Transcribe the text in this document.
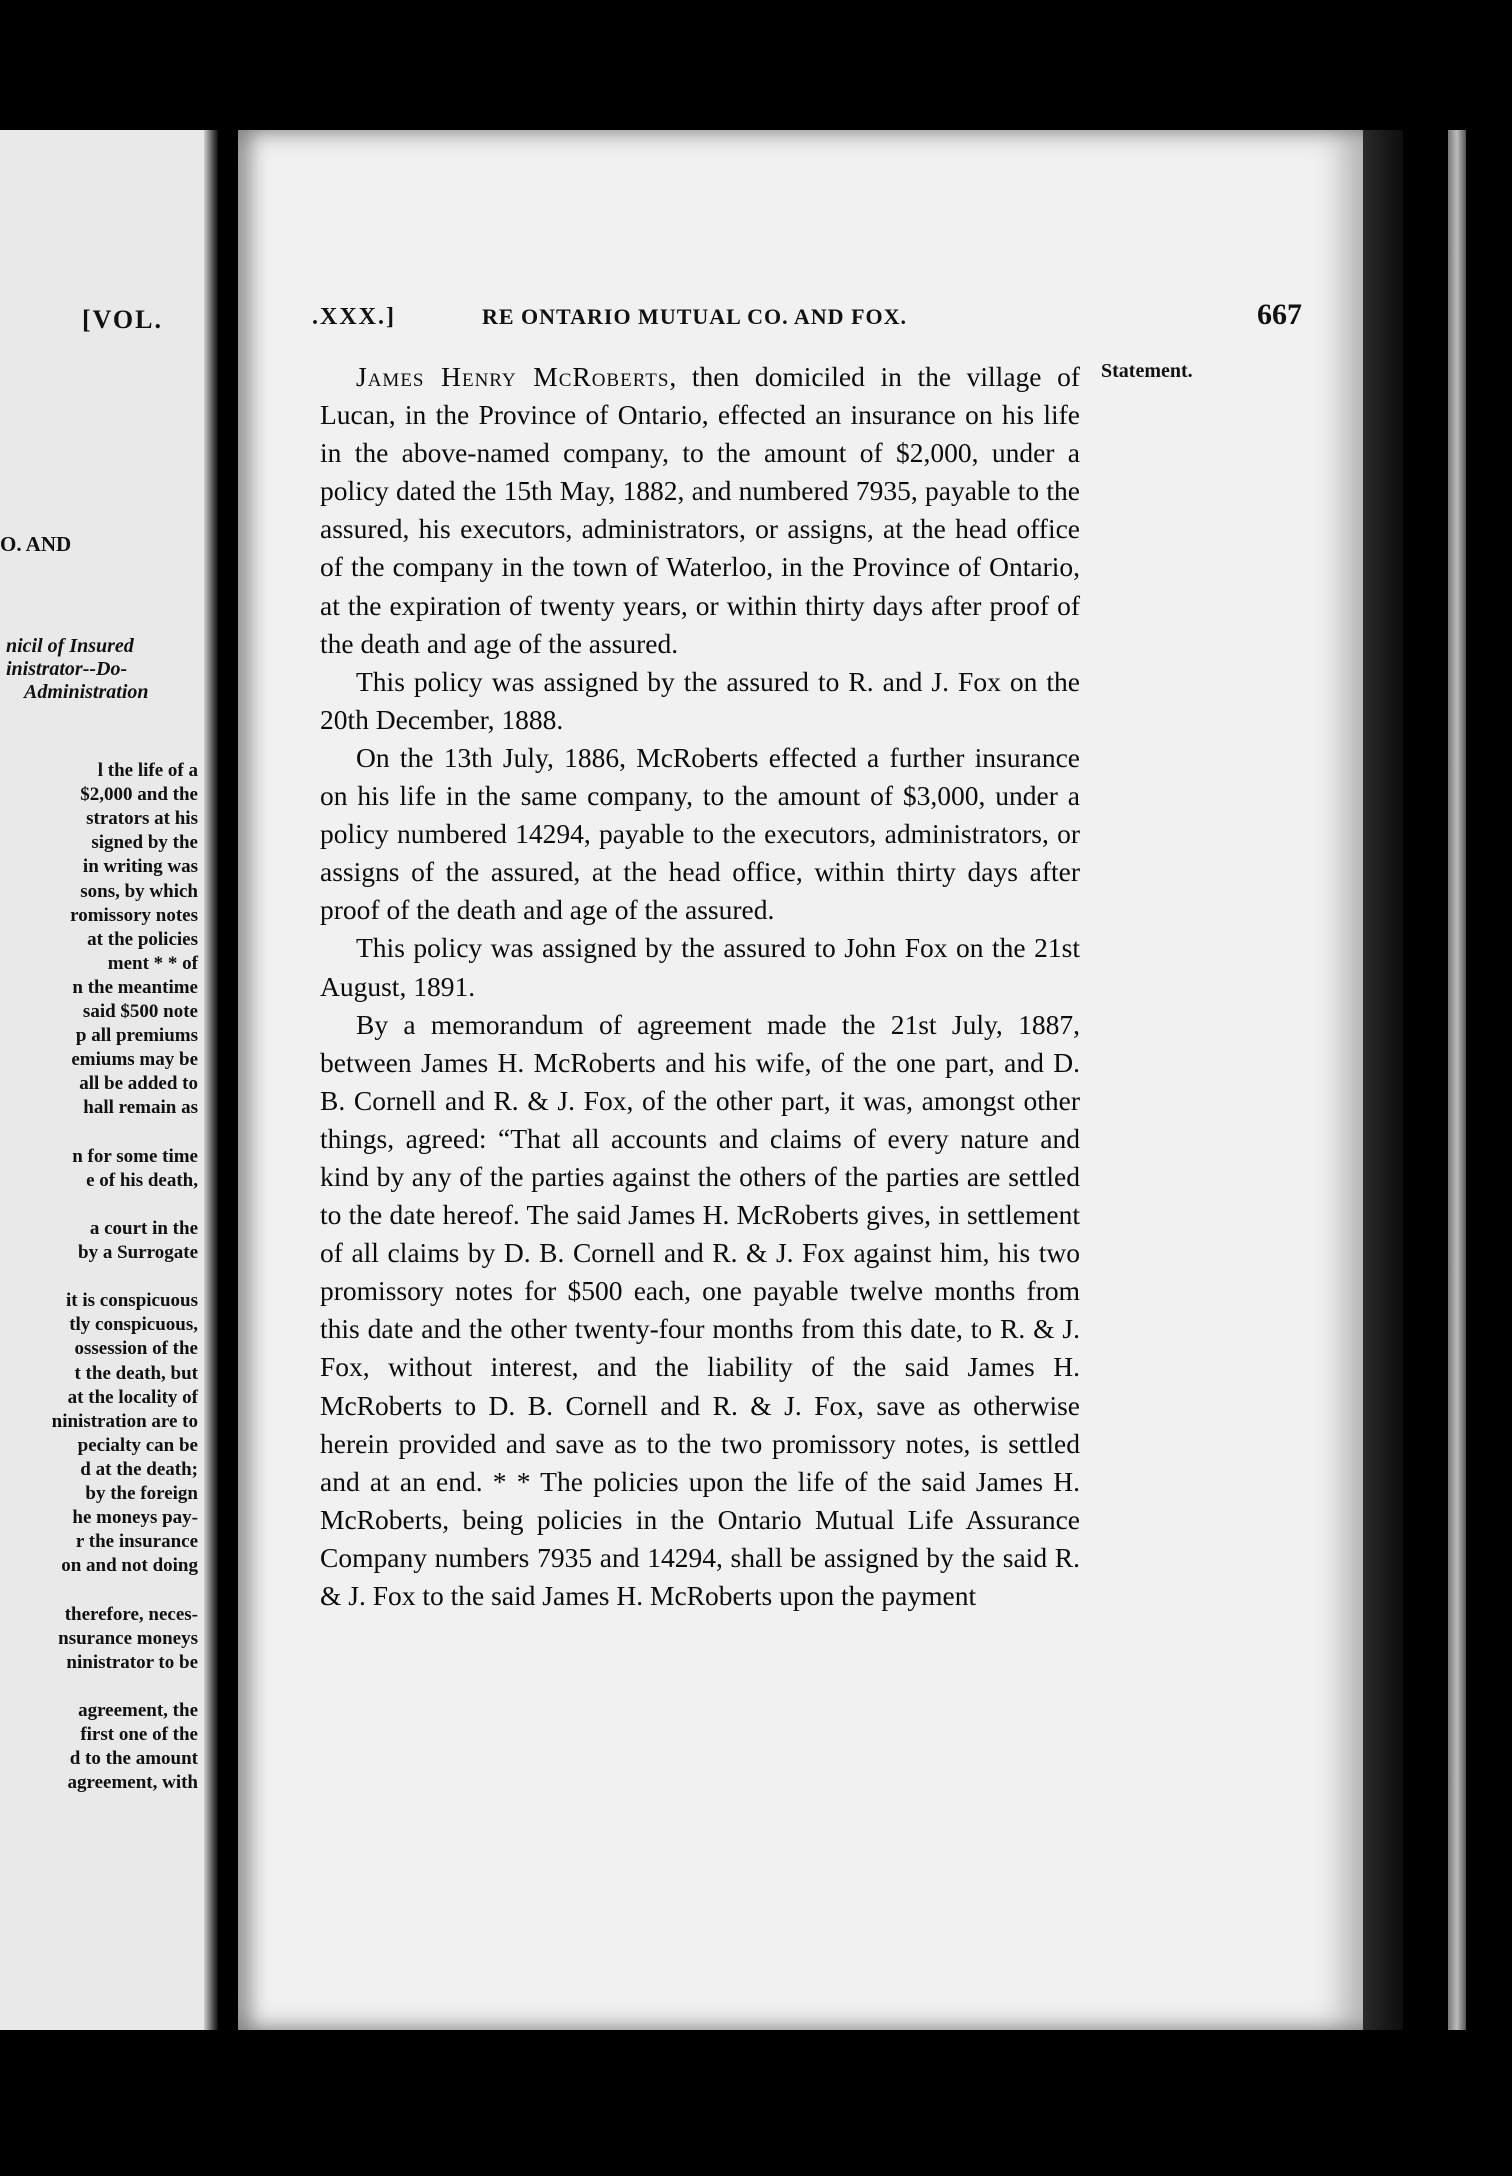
[VOL.
O. AND
nicil of Insured
inistrator--Do-
Administration
l the life of a
$2,000 and the
strators at his
signed by the
in writing was
sons, by which
romissory notes
at the policies
ment * * of
n the meantime
said $500 note
p all premiums
emiums may be
all be added to
hall remain as
n for some time
e of his death,
a court in the
by a Surrogate
it is conspicuous
tly conspicuous,
ossession of the
t the death, but
at the locality of
ninistration are to
pecialty can be
d at the death;
by the foreign
he moneys pay-
r the insurance
on and not doing
therefore, neces-
nsurance moneys
ninistrator to be
agreement, the
first one of the
d to the amount
agreement, with
.XXX.]	RE ONTARIO MUTUAL CO. AND FOX.	667
Statement.

James Henry McRoberts, then domiciled in the village of Lucan, in the Province of Ontario, effected an insurance on his life in the above-named company, to the amount of $2,000, under a policy dated the 15th May, 1882, and numbered 7935, payable to the assured, his executors, administrators, or assigns, at the head office of the company in the town of Waterloo, in the Province of Ontario, at the expiration of twenty years, or within thirty days after proof of the death and age of the assured.

This policy was assigned by the assured to R. and J. Fox on the 20th December, 1888.

On the 13th July, 1886, McRoberts effected a further insurance on his life in the same company, to the amount of $3,000, under a policy numbered 14294, payable to the executors, administrators, or assigns of the assured, at the head office, within thirty days after proof of the death and age of the assured.

This policy was assigned by the assured to John Fox on the 21st August, 1891.

By a memorandum of agreement made the 21st July, 1887, between James H. McRoberts and his wife, of the one part, and D. B. Cornell and R. & J. Fox, of the other part, it was, amongst other things, agreed: “That all accounts and claims of every nature and kind by any of the parties against the others of the parties are settled to the date hereof. The said James H. McRoberts gives, in settlement of all claims by D. B. Cornell and R. & J. Fox against him, his two promissory notes for $500 each, one payable twelve months from this date and the other twenty-four months from this date, to R. & J. Fox, without interest, and the liability of the said James H. McRoberts to D. B. Cornell and R. & J. Fox, save as otherwise herein provided and save as to the two promissory notes, is settled and at an end. * * The policies upon the life of the said James H. McRoberts, being policies in the Ontario Mutual Life Assurance Company numbers 7935 and 14294, shall be assigned by the said R. & J. Fox to the said James H. McRoberts upon the payment
